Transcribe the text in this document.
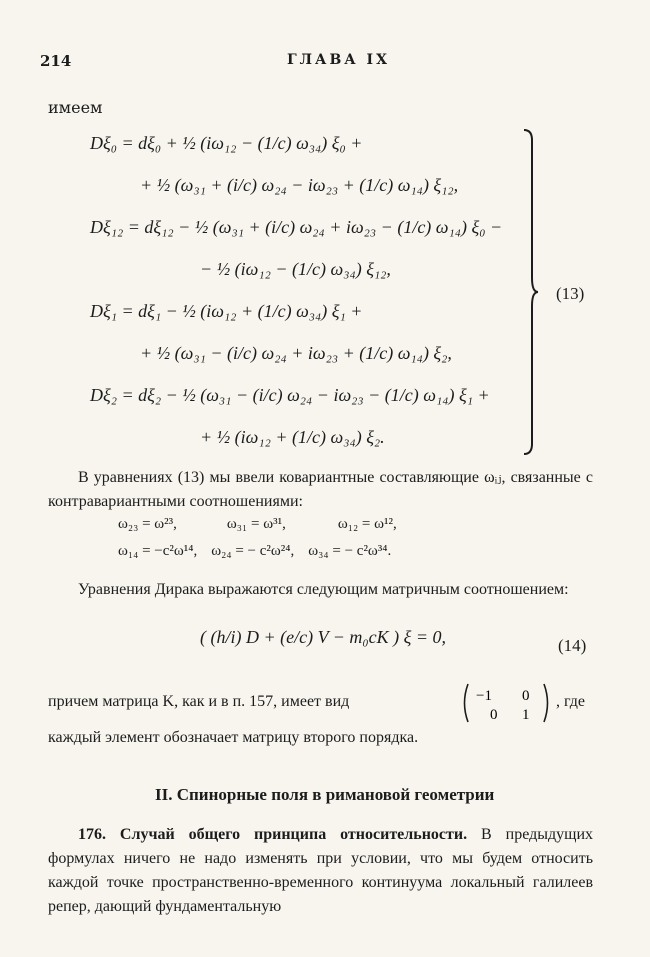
214	ГЛАВА IX
имеем
Dξ₀ = dξ₀ + ½ (iω₁₂ − (1/c) ω₃₄) ξ₀ +
+ ½ (ω₃₁ + (i/c) ω₂₄ − iω₂₃ + (1/c) ω₁₄) ξ₁₂,
Dξ₁₂ = dξ₁₂ − ½ (ω₃₁ + (i/c) ω₂₄ + iω₂₃ − (1/c) ω₁₄) ξ₀ −
− ½ (iω₁₂ − (1/c) ω₃₄) ξ₁₂,
Dξ₁ = dξ₁ − ½ (iω₁₂ + (1/c) ω₃₄) ξ₁ +
+ ½ (ω₃₁ − (i/c) ω₂₄ + iω₂₃ + (1/c) ω₁₄) ξ₂,
Dξ₂ = dξ₂ − ½ (ω₃₁ − (i/c) ω₂₄ − iω₂₃ − (1/c) ω₁₄) ξ₁ +
+ ½ (iω₁₂ + (1/c) ω₃₄) ξ₂.
(13)
В уравнениях (13) мы ввели ковариантные составляющие ωᵢⱼ, связанные с контравариантными соотношениями:
ω₂₃ = ω²³,	ω₃₁ = ω³¹,	ω₁₂ = ω¹²,
ω₁₄ = −c²ω¹⁴, ω₂₄ = − c²ω²⁴, ω₃₄ = − c²ω³⁴.
Уравнения Дирака выражаются следующим матричным соотношением:
( (h/i) D + (e/c) V − m₀cK ) ξ = 0,	(14)
причем матрица K, как и в п. 157, имеет вид	−1 0
0 1
, где
каждый элемент обозначает матрицу второго порядка.
II. Спинорные поля в римановой геометрии
176. Случай общего принципа относительности. В предыдущих формулах ничего не надо изменять при условии, что мы будем относить каждой точке пространственно-временного континуума локальный галилеев репер, дающий фундаментальную
